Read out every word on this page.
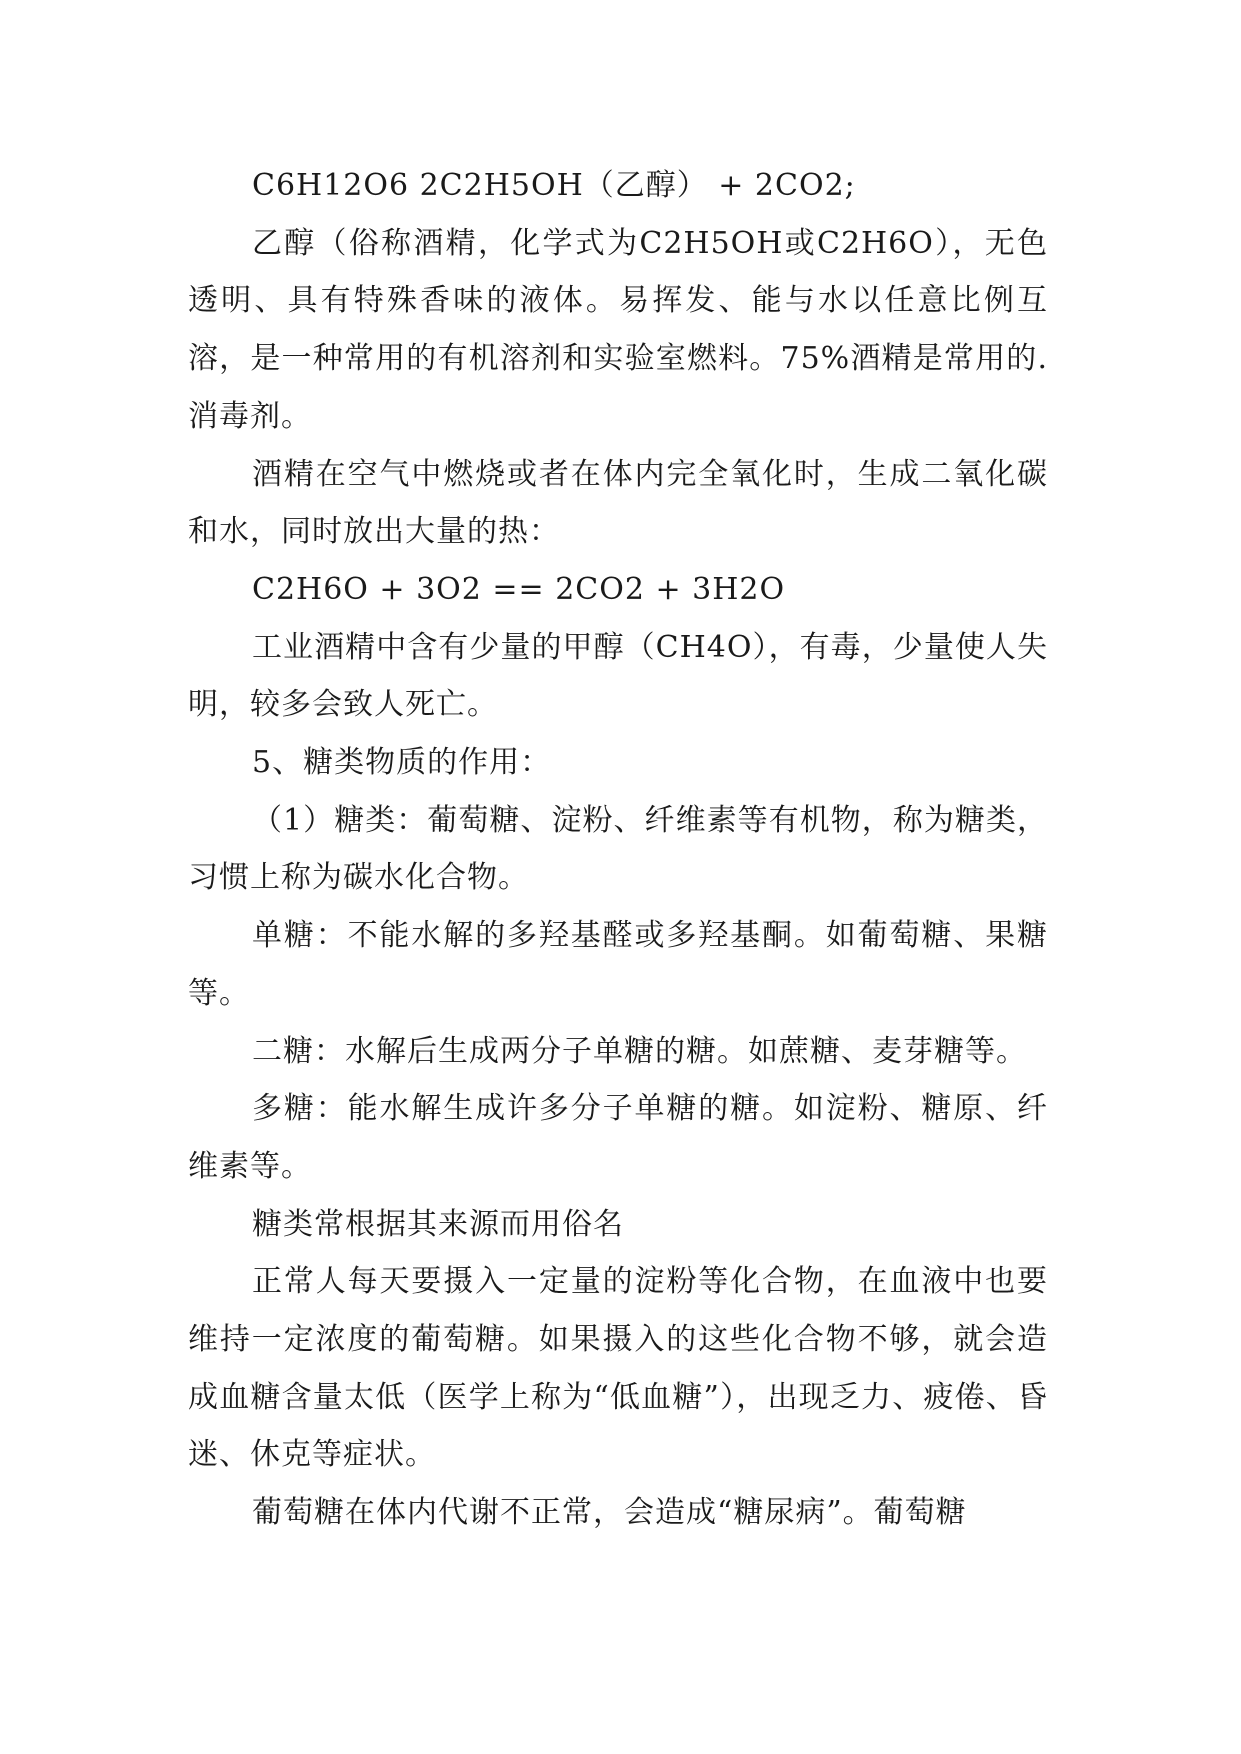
C6H12O6 2C2H5OH（乙醇） + 2CO2;

乙醇（俗称酒精，化学式为C2H5OH或C2H6O），无色透明、具有特殊香味的液体。易挥发、能与水以任意比例互溶，是一种常用的有机溶剂和实验室燃料。75%酒精是常用的.消毒剂。

酒精在空气中燃烧或者在体内完全氧化时，生成二氧化碳和水，同时放出大量的热：

C2H6O + 3O2 == 2CO2 + 3H2O

工业酒精中含有少量的甲醇（CH4O），有毒，少量使人失明，较多会致人死亡。

5、糖类物质的作用：

（1）糖类：葡萄糖、淀粉、纤维素等有机物，称为糖类，习惯上称为碳水化合物。

单糖：不能水解的多羟基醛或多羟基酮。如葡萄糖、果糖等。

二糖：水解后生成两分子单糖的糖。如蔗糖、麦芽糖等。

多糖：能水解生成许多分子单糖的糖。如淀粉、糖原、纤维素等。

糖类常根据其来源而用俗名

正常人每天要摄入一定量的淀粉等化合物，在血液中也要维持一定浓度的葡萄糖。如果摄入的这些化合物不够，就会造成血糖含量太低（医学上称为“低血糖”），出现乏力、疲倦、昏迷、休克等症状。

葡萄糖在体内代谢不正常，会造成“糖尿病”。葡萄糖
